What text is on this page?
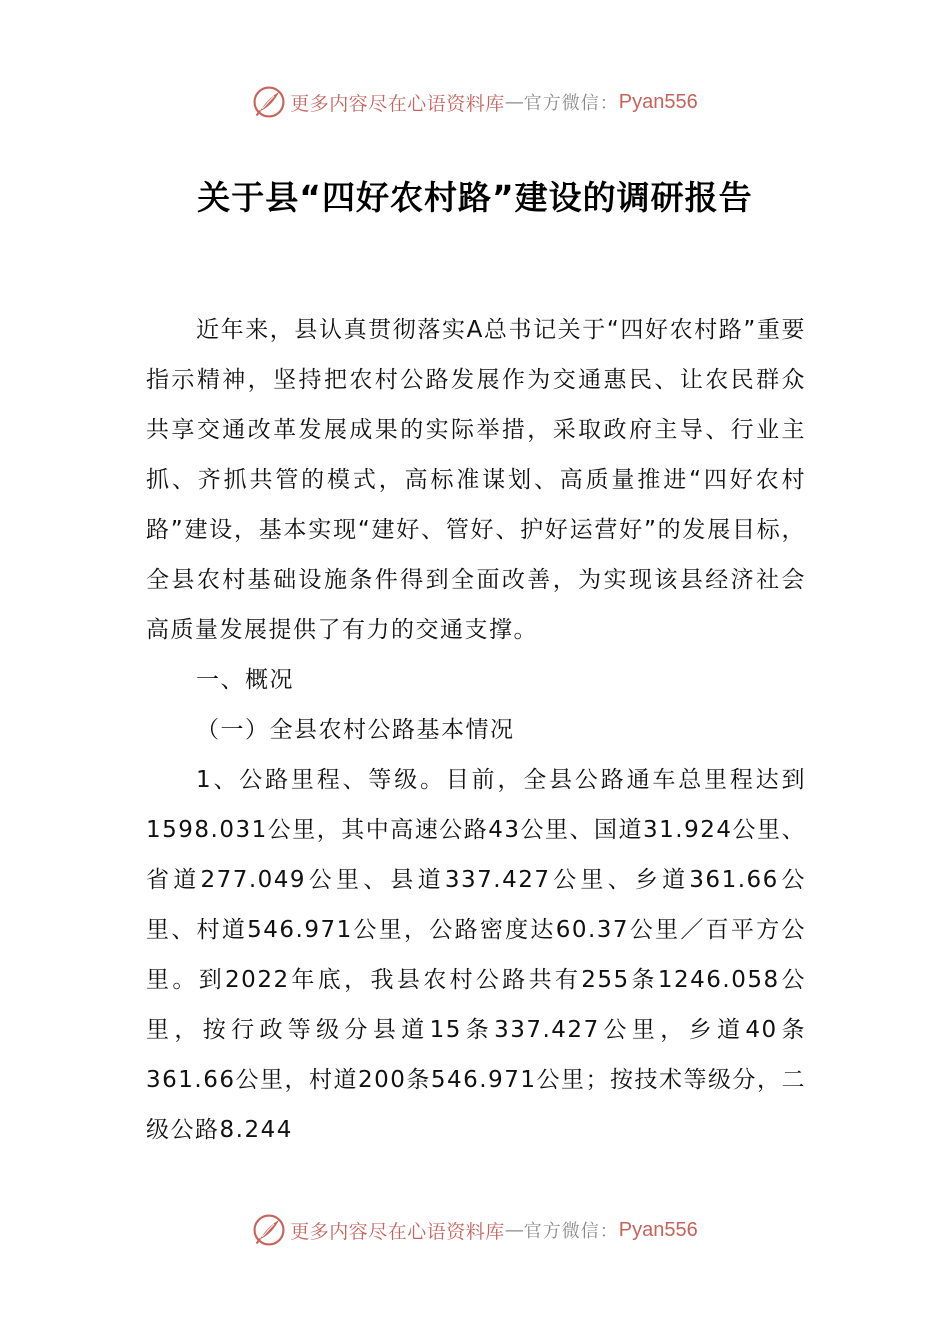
更多内容尽在心语资料库 — 官方微信： Pyan556
关于县“四好农村路”建设的调研报告

近年来，县认真贯彻落实A总书记关于“四好农村路”重要指示精神，坚持把农村公路发展作为交通惠民、让农民群众共享交通改革发展成果的实际举措，采取政府主导、行业主抓、齐抓共管的模式，高标准谋划、高质量推进“四好农村路”建设，基本实现“建好、管好、护好运营好”的发展目标，全县农村基础设施条件得到全面改善，为实现该县经济社会高质量发展提供了有力的交通支撑。

一、概况

（一）全县农村公路基本情况

1、公路里程、等级。目前，全县公路通车总里程达到1598.031公里，其中高速公路43公里、国道31.924公里、省道277.049公里、县道337.427公里、乡道361.66公里、村道546.971公里，公路密度达60.37公里／百平方公里。到2022年底，我县农村公路共有255条1246.058公里，按行政等级分县道15条337.427公里，乡道40条361.66公里，村道200条546.971公里；按技术等级分，二级公路8.244

更多内容尽在心语资料库 — 官方微信： Pyan556
